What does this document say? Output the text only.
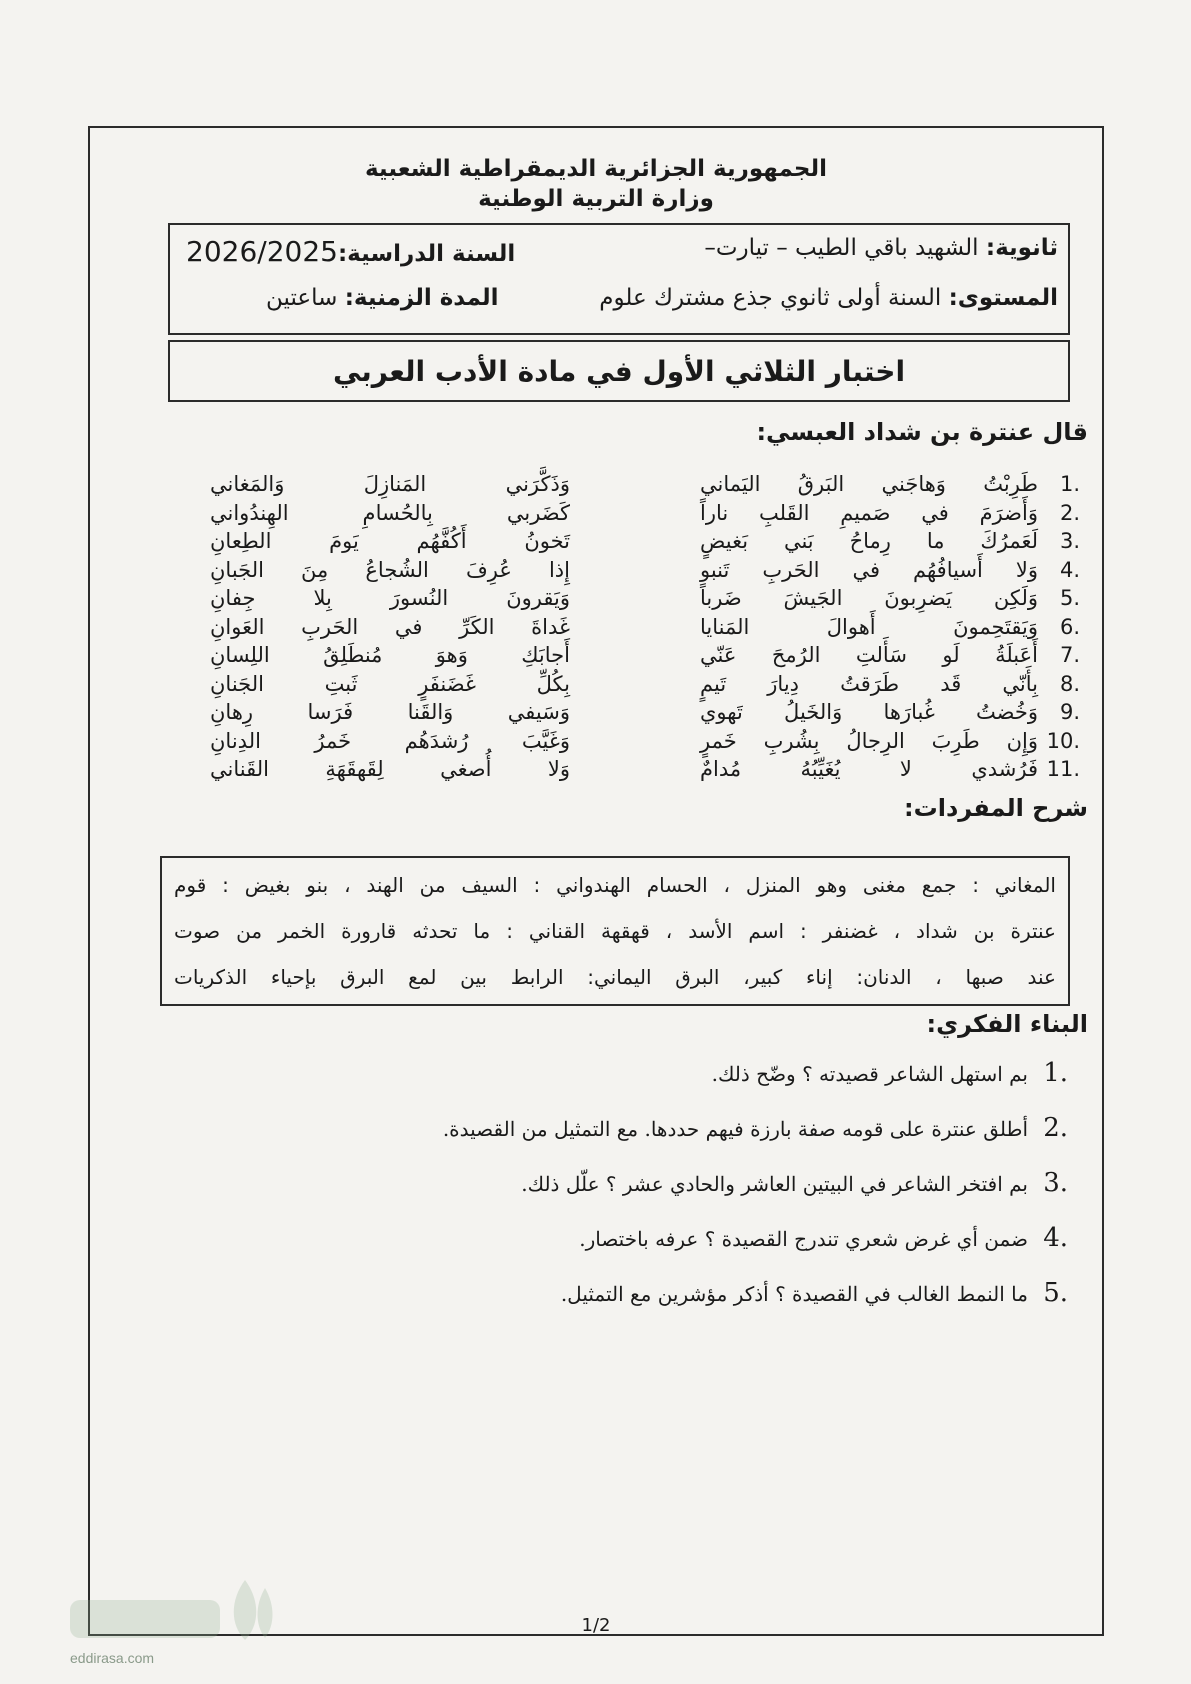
الجمهورية الجزائرية الديمقراطية الشعبية
وزارة التربية الوطنية
ثانوية: الشهيد باقي الطيب – تيارت–
السنة الدراسية:2026/2025
المستوى: السنة أولى ثانوي جذع مشترك علوم
المدة الزمنية: ساعتين
اختبار الثلاثي الأول في مادة الأدب العربي
قال عنترة بن شداد العبسي:
1.
طَرِبْتُ وَهاجَني البَرقُ اليَماني
وَذَكَّرَني المَنازِلَ وَالمَغاني
2.
وَأَضرَمَ في صَميمِ القَلبِ ناراً
كَضَربي بِالحُسامِ الهِندُواني
3.
لَعَمرُكَ ما رِماحُ بَني بَغيضٍ
تَخونُ أَكُفَّهُم يَومَ الطِعانِ
4.
وَلا أَسيافُهُم في الحَربِ تَنبو
إِذا عُرِفَ الشُجاعُ مِنَ الجَبانِ
5.
وَلَكِن يَضرِبونَ الجَيشَ ضَرباً
وَيَقرونَ النُسورَ بِلا جِفانِ
6.
وَيَقتَحِمونَ أَهوالَ المَنايا
غَداةَ الكَرِّ في الحَربِ العَوانِ
7.
أَعَبلَةُ لَو سَأَلتِ الرُمحَ عَنّي
أَجابَكِ وَهوَ مُنطَلِقُ اللِسانِ
8.
بِأَنّي قَد طَرَقتُ دِيارَ تَيمٍ
بِكُلِّ غَضَنفَرٍ ثَبتِ الجَنانِ
9.
وَخُضتُ غُبارَها وَالخَيلُ تَهوي
وَسَيفي وَالقَنا فَرَسا رِهانِ
10.
وَإِن طَرِبَ الرِجالُ بِشُربِ خَمرٍ
وَغَيَّبَ رُشدَهُم خَمرُ الدِنانِ
11.
فَرُشدي لا يُغَيِّبُهُ مُدامٌ
وَلا أُصغي لِقَهقَهَةِ القَناني
شرح المفردات:
المغاني : جمع مغنى وهو المنزل ، الحسام الهندواني : السيف من الهند ، بنو بغيض : قوم
عنترة بن شداد ، غضنفر : اسم الأسد ، قهقهة القناني : ما تحدثه قارورة الخمر من صوت
عند صبها ، الدنان: إناء كبير، البرق اليماني: الرابط بين لمع البرق بإحياء الذكريات
البناء الفكري:
1.
بم استهل الشاعر قصيدته ؟ وضّح ذلك.
2.
أطلق عنترة على قومه صفة بارزة فيهم حددها. مع التمثيل من القصيدة.
3.
بم افتخر الشاعر في البيتين العاشر والحادي عشر ؟ علّل ذلك.
4.
ضمن أي غرض شعري تندرج القصيدة ؟ عرفه باختصار.
5.
ما النمط الغالب في القصيدة ؟ أذكر مؤشرين مع التمثيل.
1/2
eddirasa.com
